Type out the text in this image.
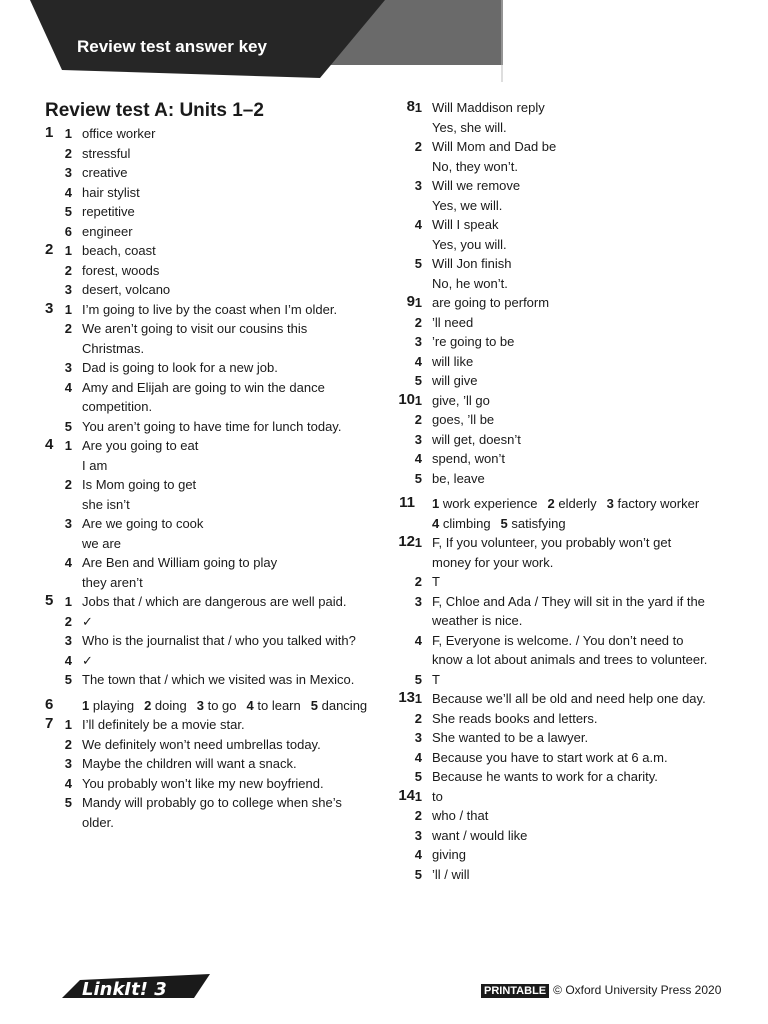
Review test answer key
Review test A: Units 1–2
1 1 office worker
2 stressful
3 creative
4 hair stylist
5 repetitive
6 engineer
2 1 beach, coast
2 forest, woods
3 desert, volcano
3 1 I’m going to live by the coast when I’m older.
2 We aren’t going to visit our cousins this
Christmas.
3 Dad is going to look for a new job.
4 Amy and Elijah are going to win the dance
competition.
5 You aren’t going to have time for lunch today.
4 1 Are you going to eat
I am
2 Is Mom going to get
she isn’t
3 Are we going to cook
we are
4 Are Ben and William going to play
they aren’t
5 1 Jobs that / which are dangerous are well paid.
2 ✓
3 Who is the journalist that / who you talked with?
4 ✓
5 The town that / which we visited was in Mexico.
6	1 playing 2 doing 3 to go 4 to learn 5 dancing
7 1 I’ll definitely be a movie star.
2 We definitely won’t need umbrellas today.
3 Maybe the children will want a snack.
4 You probably won’t like my new boyfriend.
5 Mandy will probably go to college when she’s
older.
8 1 Will Maddison reply
Yes, she will.
2 Will Mom and Dad be
No, they won’t.
3 Will we remove
Yes, we will.
4 Will I speak
Yes, you will.
5 Will Jon finish
No, he won’t.
9 1 are going to perform
2 ’ll need
3 ’re going to be
4 will like
5 will give
10 1 give, ’ll go
2 goes, ’ll be
3 will get, doesn’t
4 spend, won’t
5 be, leave
11	1 work experience 2 elderly 3 factory worker
4 climbing 5 satisfying
12 1 F, If you volunteer, you probably won’t get
money for your work.
2 T
3 F, Chloe and Ada / They will sit in the yard if the
weather is nice.
4 F, Everyone is welcome. / You don’t need to
know a lot about animals and trees to volunteer.
5 T
13 1 Because we’ll all be old and need help one day.
2 She reads books and letters.
3 She wanted to be a lawyer.
4 Because you have to start work at 6 a.m.
5 Because he wants to work for a charity.
14 1 to
2 who / that
3 want / would like
4 giving
5 ’ll / will
LinkIt! 3	PRINTABLE © Oxford University Press 2020
